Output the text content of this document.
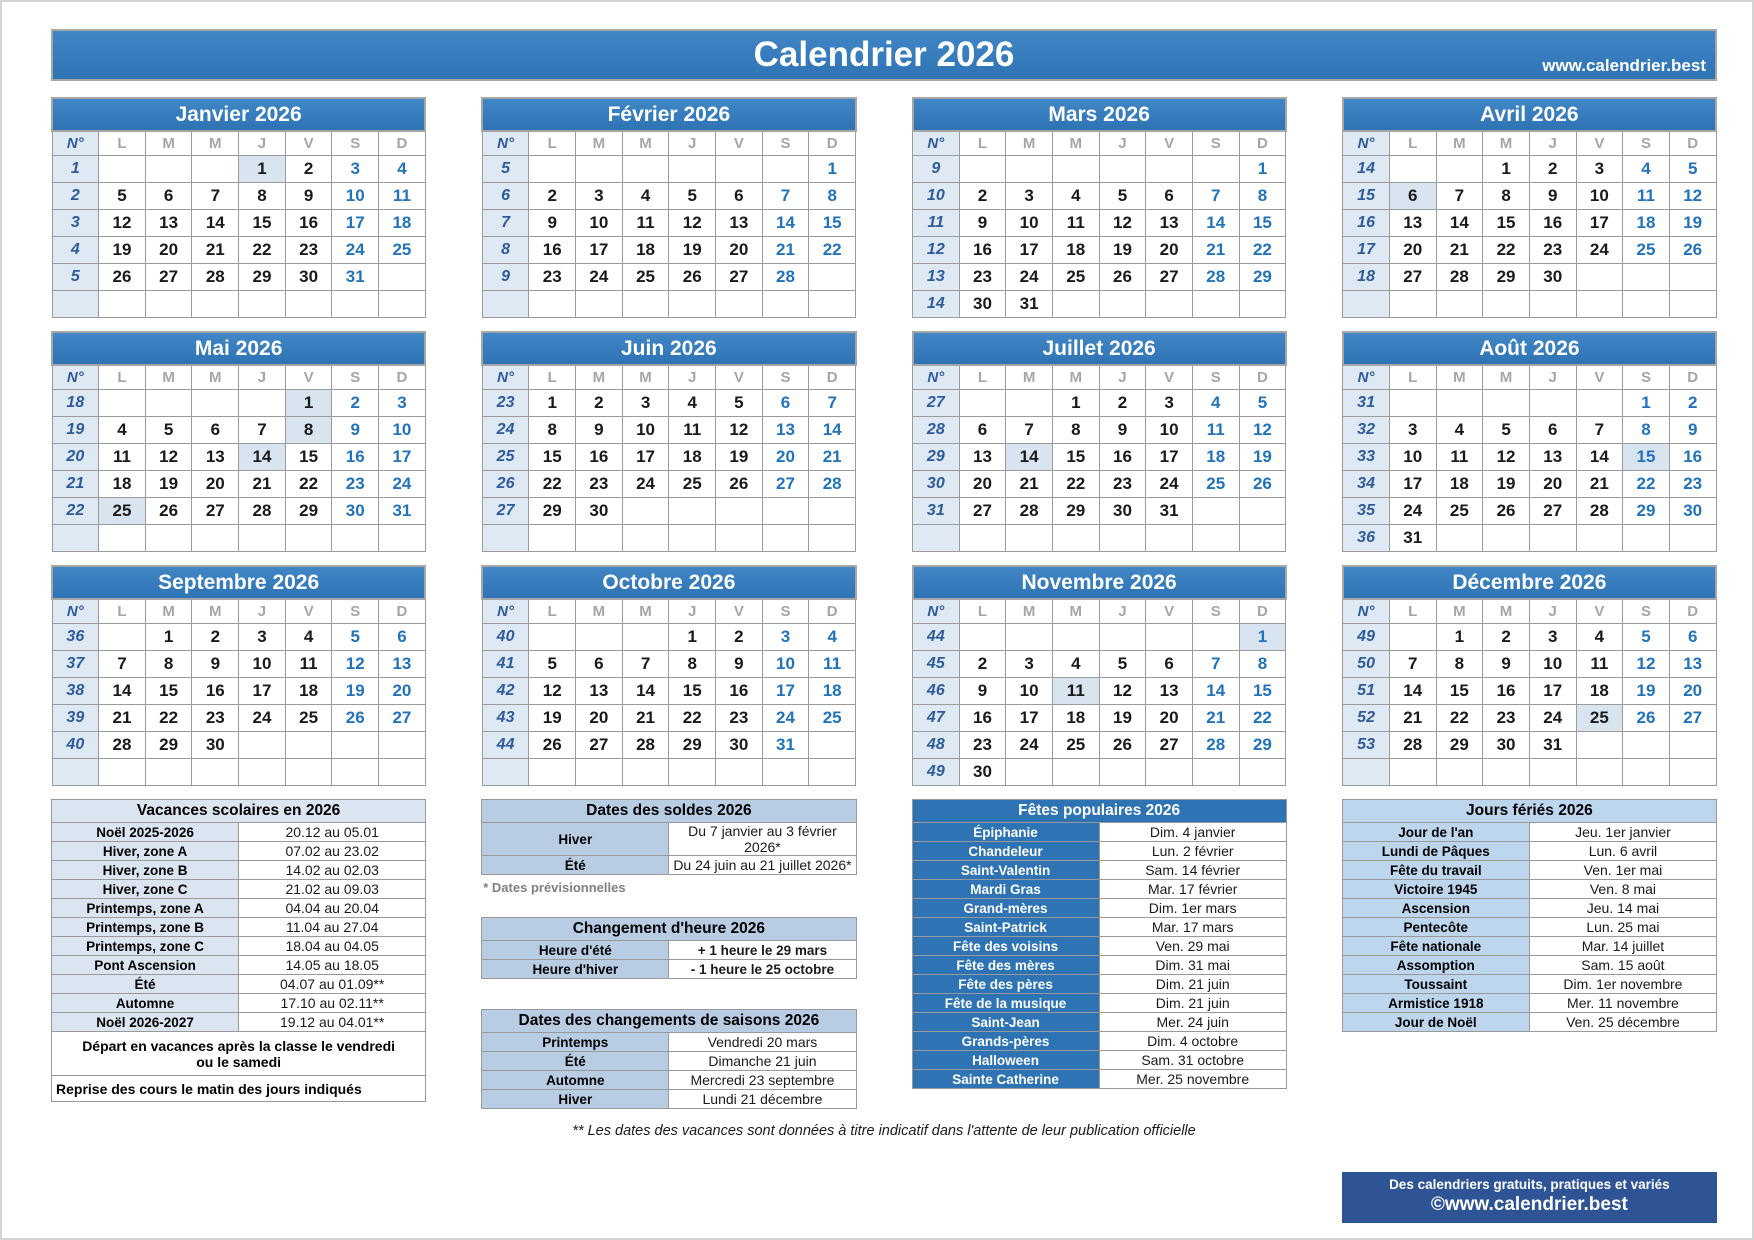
Calendrier 2026	www.calendrier.best
Janvier 2026							
N°	L	M	M	J	V	S	D
1				1	2	3	4
2	5	6	7	8	9	10	11
3	12	13	14	15	16	17	18
4	19	20	21	22	23	24	25
5	26	27	28	29	30	31	

Février 2026							
N°	L	M	M	J	V	S	D
5							1
6	2	3	4	5	6	7	8
7	9	10	11	12	13	14	15
8	16	17	18	19	20	21	22
9	23	24	25	26	27	28	

Mars 2026							
N°	L	M	M	J	V	S	D
9							1
10	2	3	4	5	6	7	8
11	9	10	11	12	13	14	15
12	16	17	18	19	20	21	22
13	23	24	25	26	27	28	29
14	30	31					
Avril 2026							
N°	L	M	M	J	V	S	D
14			1	2	3	4	5
15	6	7	8	9	10	11	12
16	13	14	15	16	17	18	19
17	20	21	22	23	24	25	26
18	27	28	29	30			

Mai 2026							
N°	L	M	M	J	V	S	D
18					1	2	3
19	4	5	6	7	8	9	10
20	11	12	13	14	15	16	17
21	18	19	20	21	22	23	24
22	25	26	27	28	29	30	31

Juin 2026							
N°	L	M	M	J	V	S	D
23	1	2	3	4	5	6	7
24	8	9	10	11	12	13	14
25	15	16	17	18	19	20	21
26	22	23	24	25	26	27	28
27	29	30					

Juillet 2026							
N°	L	M	M	J	V	S	D
27			1	2	3	4	5
28	6	7	8	9	10	11	12
29	13	14	15	16	17	18	19
30	20	21	22	23	24	25	26
31	27	28	29	30	31		

Août 2026							
N°	L	M	M	J	V	S	D
31						1	2
32	3	4	5	6	7	8	9
33	10	11	12	13	14	15	16
34	17	18	19	20	21	22	23
35	24	25	26	27	28	29	30
36	31						
Septembre 2026							
N°	L	M	M	J	V	S	D
36		1	2	3	4	5	6
37	7	8	9	10	11	12	13
38	14	15	16	17	18	19	20
39	21	22	23	24	25	26	27
40	28	29	30				

Octobre 2026							
N°	L	M	M	J	V	S	D
40				1	2	3	4
41	5	6	7	8	9	10	11
42	12	13	14	15	16	17	18
43	19	20	21	22	23	24	25
44	26	27	28	29	30	31	

Novembre 2026							
N°	L	M	M	J	V	S	D
44							1
45	2	3	4	5	6	7	8
46	9	10	11	12	13	14	15
47	16	17	18	19	20	21	22
48	23	24	25	26	27	28	29
49	30						
Décembre 2026							
N°	L	M	M	J	V	S	D
49		1	2	3	4	5	6
50	7	8	9	10	11	12	13
51	14	15	16	17	18	19	20
52	21	22	23	24	25	26	27
53	28	29	30	31			

Vacances scolaires en 2026	
Noël 2025-2026	20.12 au 05.01
Hiver, zone A	07.02 au 23.02
Hiver, zone B	14.02 au 02.03
Hiver, zone C	21.02 au 09.03
Printemps, zone A	04.04 au 20.04
Printemps, zone B	11.04 au 27.04
Printemps, zone C	18.04 au 04.05
Pont Ascension	14.05 au 18.05
Été	04.07 au 01.09**
Automne	17.10 au 02.11**
Noël 2026-2027	19.12 au 04.01**
Départ en vacances après la classe le vendredi ou le samedi	
Reprise des cours le matin des jours indiqués	
Dates des soldes 2026	
Hiver	Du 7 janvier au 3 février 2026*
Été	Du 24 juin au 21 juillet 2026*
* Dates prévisionnelles
Changement d'heure 2026	
Heure d'été	+ 1 heure le 29 mars
Heure d'hiver	- 1 heure le 25 octobre
Dates des changements de saisons 2026	
Printemps	Vendredi 20 mars
Été	Dimanche 21 juin
Automne	Mercredi 23 septembre
Hiver	Lundi 21 décembre
** Les dates des vacances sont données à titre indicatif dans l'attente de leur publication officielle
Fêtes populaires 2026	
Épiphanie	Dim. 4 janvier
Chandeleur	Lun. 2 février
Saint-Valentin	Sam. 14 février
Mardi Gras	Mar. 17 février
Grand-mères	Dim. 1er mars
Saint-Patrick	Mar. 17 mars
Fête des voisins	Ven. 29 mai
Fête des mères	Dim. 31 mai
Fête des pères	Dim. 21 juin
Fête de la musique	Dim. 21 juin
Saint-Jean	Mer. 24 juin
Grands-pères	Dim. 4 octobre
Halloween	Sam. 31 octobre
Sainte Catherine	Mer. 25 novembre
Jours fériés 2026	
Jour de l'an	Jeu. 1er janvier
Lundi de Pâques	Lun. 6 avril
Fête du travail	Ven. 1er mai
Victoire 1945	Ven. 8 mai
Ascension	Jeu. 14 mai
Pentecôte	Lun. 25 mai
Fête nationale	Mar. 14 juillet
Assomption	Sam. 15 août
Toussaint	Dim. 1er novembre
Armistice 1918	Mer. 11 novembre
Jour de Noël	Ven. 25 décembre
Des calendriers gratuits, pratiques et variés
©www.calendrier.best
